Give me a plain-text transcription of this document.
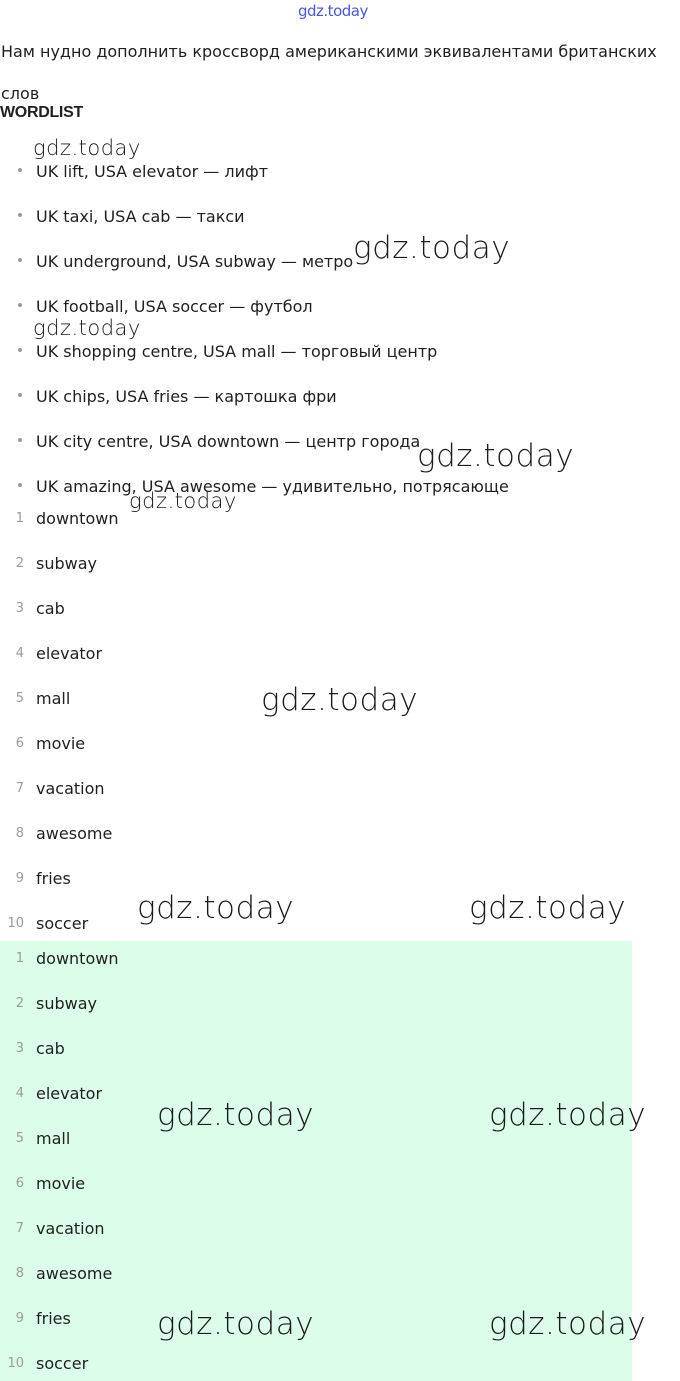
gdz.today

Нам нудно дополнить кроссворд американскими эквивалентами британских слов

WORDLIST
UK lift, USA elevator — лифт
UK taxi, USA cab — такси
UK underground, USA subway — метро
UK football, USA soccer — футбол
UK shopping centre, USA mall — торговый центр
UK chips, USA fries — картошка фри
UK city centre, USA downtown — центр города
UK amazing, USA awesome — удивительно, потрясающе
1 downtown
2 subway
3 cab
4 elevator
5 mall
6 movie
7 vacation
8 awesome
9 fries
10 soccer
1 downtown
2 subway
3 cab
4 elevator
5 mall
6 movie
7 vacation
8 awesome
9 fries
10 soccer
gdz.today
gdz.today
gdz.today
gdz.today
gdz.today
gdz.today
gdz.today	gdz.today
gdz.today	gdz.today
gdz.today	gdz.today
